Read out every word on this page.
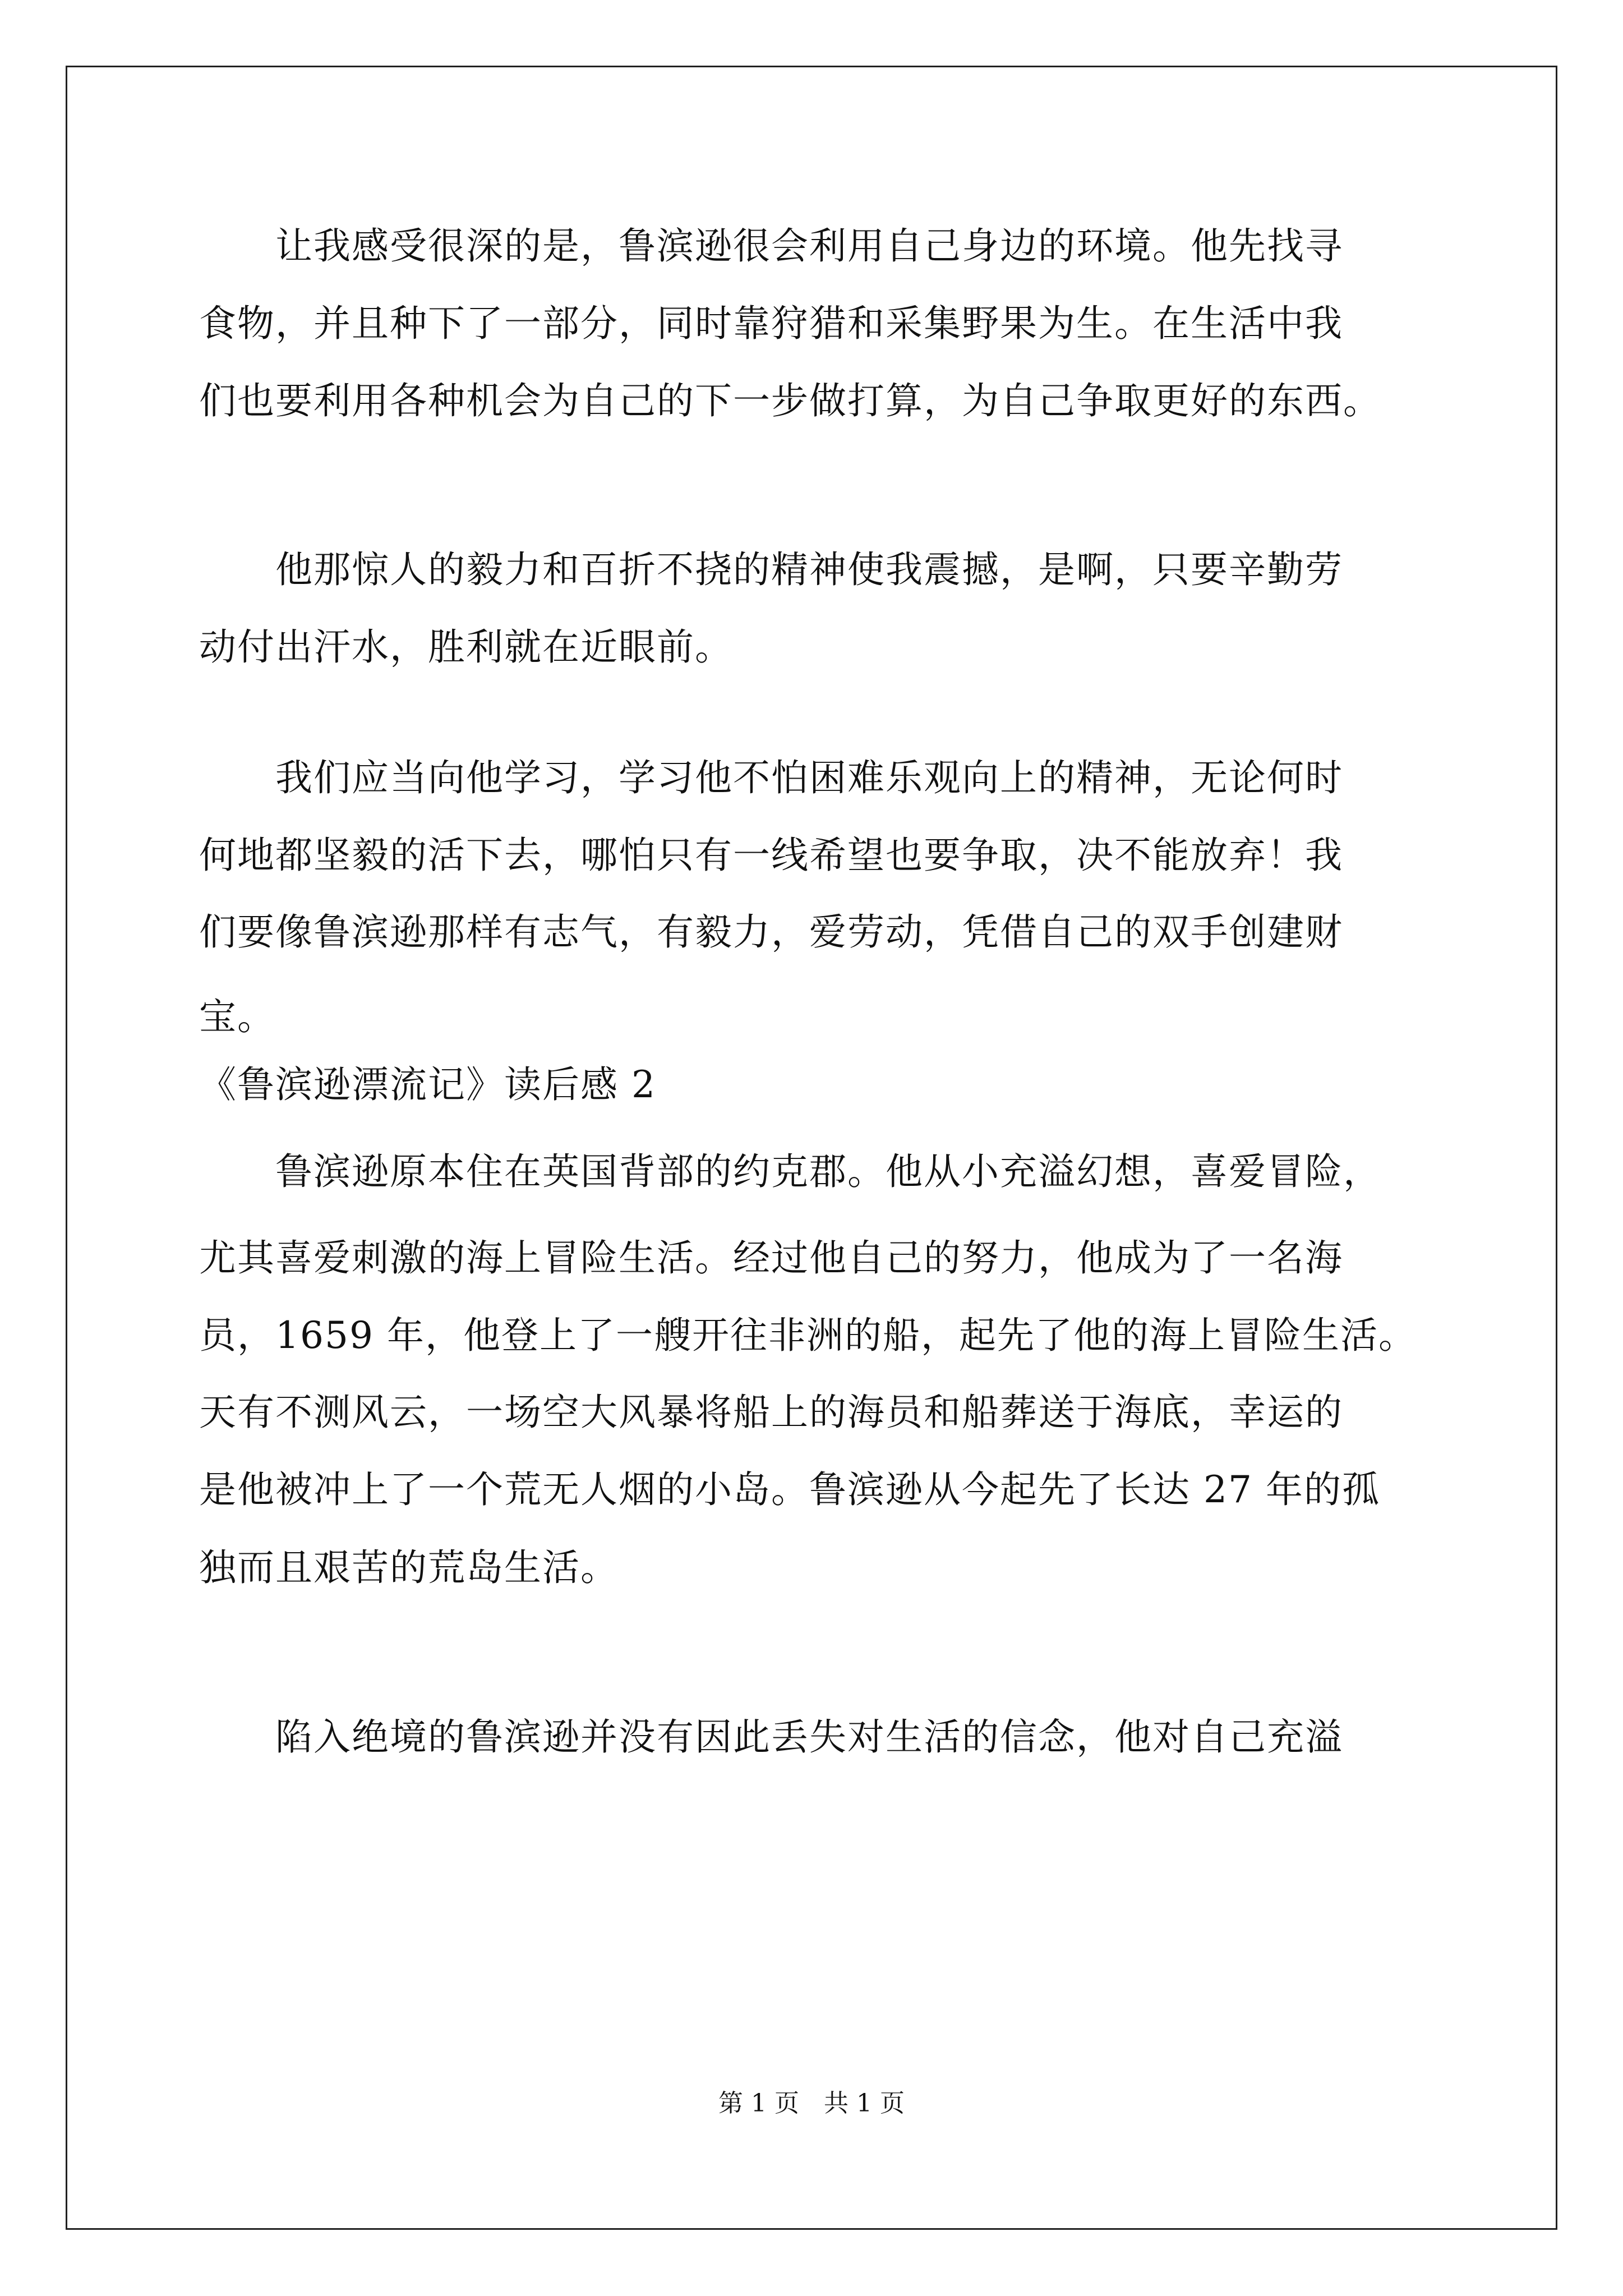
　　让我感受很深的是，鲁滨逊很会利用自己身边的环境。他先找寻
食物，并且种下了一部分，同时靠狩猎和采集野果为生。在生活中我
们也要利用各种机会为自己的下一步做打算，为自己争取更好的东西。
　　他那惊人的毅力和百折不挠的精神使我震撼，是啊，只要辛勤劳
动付出汗水，胜利就在近眼前。
　　我们应当向他学习，学习他不怕困难乐观向上的精神，无论何时
何地都坚毅的活下去，哪怕只有一线希望也要争取，决不能放弃！我
们要像鲁滨逊那样有志气，有毅力，爱劳动，凭借自己的双手创建财
宝。
《鲁滨逊漂流记》读后感 2
　　鲁滨逊原本住在英国背部的约克郡。他从小充溢幻想，喜爱冒险，
尤其喜爱刺激的海上冒险生活。经过他自己的努力，他成为了一名海
员，1659 年，他登上了一艘开往非洲的船，起先了他的海上冒险生活。
天有不测风云，一场空大风暴将船上的海员和船葬送于海底，幸运的
是他被冲上了一个荒无人烟的小岛。鲁滨逊从今起先了长达 27 年的孤
独而且艰苦的荒岛生活。
　　陷入绝境的鲁滨逊并没有因此丢失对生活的信念，他对自己充溢
第 1 页　共 1 页
